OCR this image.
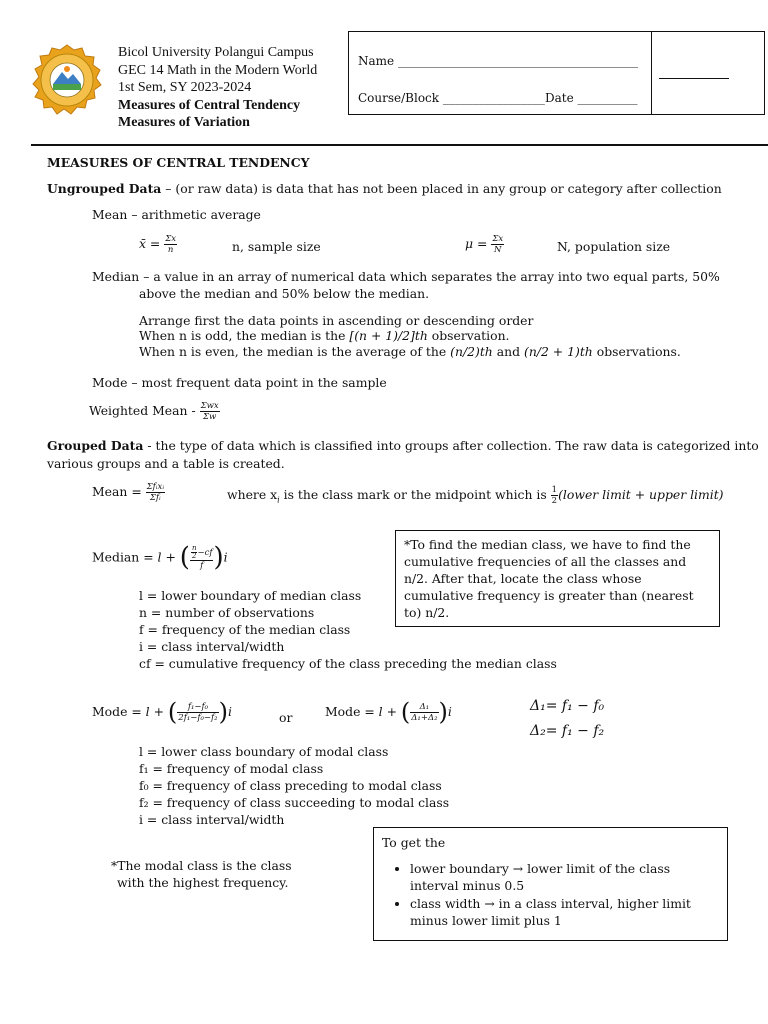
Bicol University Polangui Campus
GEC 14 Math in the Modern World
1st Sem, SY 2023-2024
Measures of Central Tendency
Measures of Variation
Name ________________________________________
Course/Block _________________ Date __________
MEASURES OF CENTRAL TENDENCY
Ungrouped Data – (or raw data) is data that has not been placed in any group or category after collection
Mean – arithmetic average
x̄ = $\frac{\Sigma x}{n}$	n, sample size	$\mu = \frac{\Sigma x}{N}$	N, population size
Median – a value in an array of numerical data which separates the array into two equal parts, 50%
above the median and 50% below the median.
Arrange first the data points in ascending or descending order
When n is odd, the median is the [(n + 1)/2]th observation.
When n is even, the median is the average of the (n/2)th and (n/2 + 1)th observations.
Mode – most frequent data point in the sample
Weighted Mean - $\frac{\text{Σwx}}{\Sigma w}$
Grouped Data - the type of data which is classified into groups after collection. The raw data is categorized into
various groups and a table is created.
Mean = $\frac{\text{Σfᵢxᵢ}}{\text{Σfᵢ}}$	where $x_i$ is the class mark or the midpoint which is $\frac{1}{2}$ (lower limit + upper limit)
Median = l + ( $\frac{\frac{n}{2} -cf}{f} )i$
*To find the median class, we have to find the cumulative frequencies of all the classes and n/2. After that, locate the class whose cumulative frequency is greater than (nearest to) n/2.
l = lower boundary of median class
n = number of observations
f = frequency of the median class
i = class interval/width
cf = cumulative frequency of the class preceding the median class
Mode = l + ( $\frac{\text{f₁−f₀}}{\text{2f₁−f₀−f₂}} )i$	or	Mode = l + ( $\frac{\text{Δ₁}}{\text{Δ₁+Δ₂}} )i$	Δ₁= f₁ − f₀
Δ₂= f₁ − f₂
l = lower class boundary of modal class
f₁ = frequency of modal class
f₀ = frequency of class preceding to modal class
f₂ = frequency of class succeeding to modal class
i = class interval/width
*The modal class is the class
with the highest frequency.
To get the
• lower boundary → lower limit of the class interval minus 0.5
• class width → in a class interval, higher limit minus lower limit plus 1
